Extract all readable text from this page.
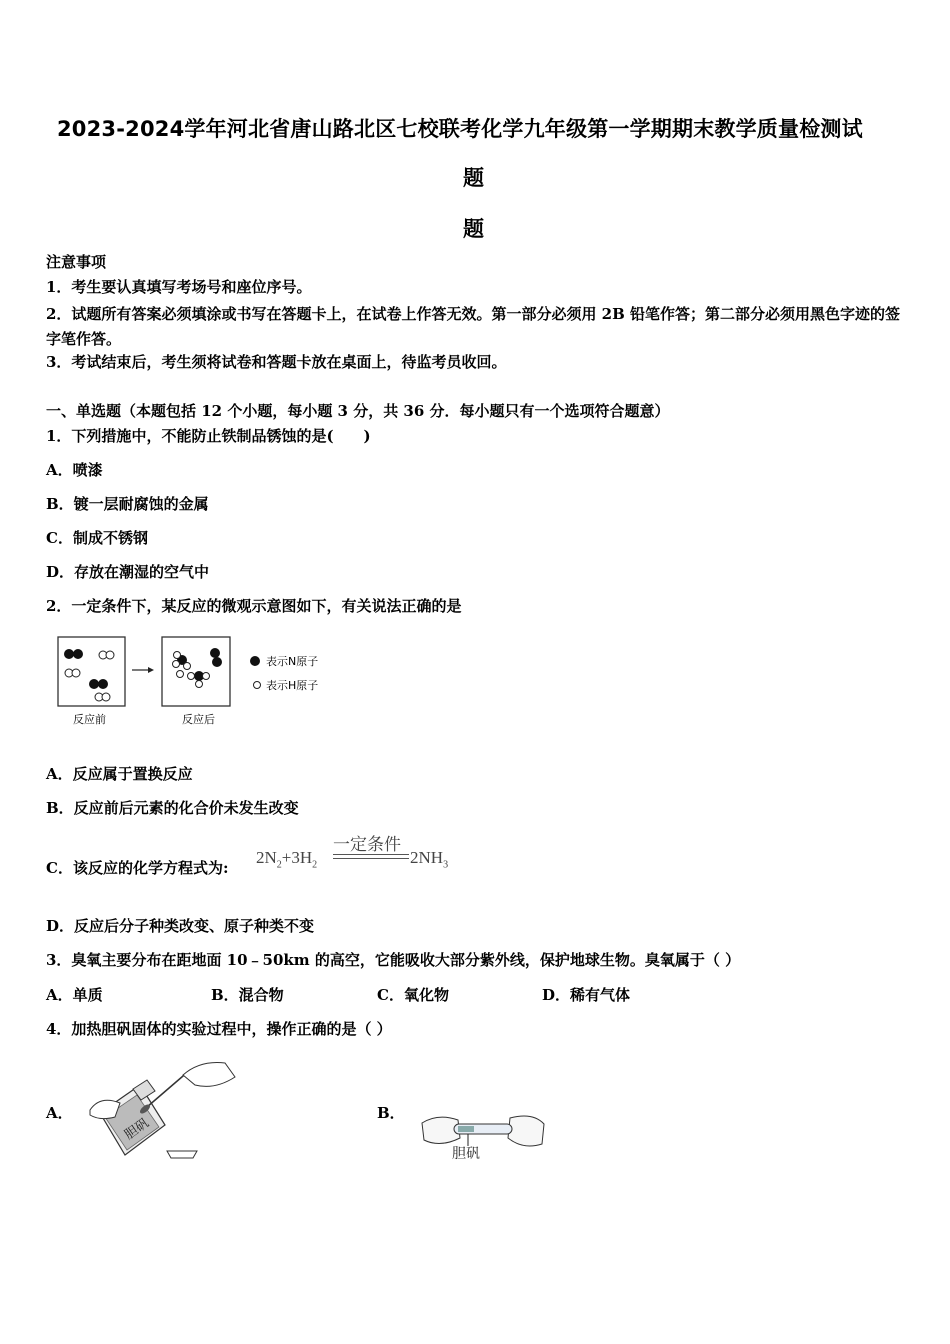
2023-2024学年河北省唐山路北区七校联考化学九年级第一学期期末教学质量检测试
题
题
注意事项
1．考生要认真填写考场号和座位序号。
2．试题所有答案必须填涂或书写在答题卡上，在试卷上作答无效。第一部分必须用 2B 铅笔作答；第二部分必须用黑色字迹的签字笔作答。
3．考试结束后，考生须将试卷和答题卡放在桌面上，待监考员收回。
一、单选题（本题包括 12 个小题，每小题 3 分，共 36 分．每小题只有一个选项符合题意）
1．下列措施中，不能防止铁制品锈蚀的是(　　)
A．喷漆
B．镀一层耐腐蚀的金属
C．制成不锈钢
D．存放在潮湿的空气中
2．一定条件下，某反应的微观示意图如下，有关说法正确的是
反应前	反应后
表示N原子
表示H原子
A．反应属于置换反应
B．反应前后元素的化合价未发生改变
C．该反应的化学方程式为:
$2N_2+3H_2$
一定条件
$2NH_3$
D．反应后分子种类改变、原子种类不变
3．臭氧主要分布在距地面 10﹣50km 的高空，它能吸收大部分紫外线，保护地球生物。臭氧属于（ ）
A．单质	B．混合物	C．氧化物	D．稀有气体
4．加热胆矾固体的实验过程中，操作正确的是（ ）
A．	B．
胆矾
胆矾
